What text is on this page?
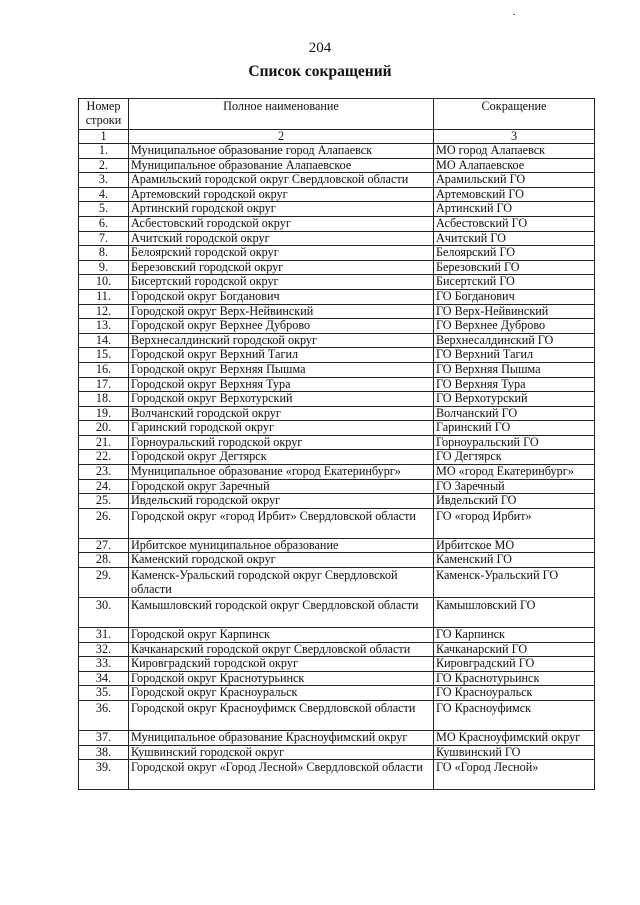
204
Список сокращений
Номер строки	Полное наименование	Сокращение
1	2	3
1.	Муниципальное образование город Алапаевск	МО город Алапаевск
2.	Муниципальное образование Алапаевское	МО Алапаевское
3.	Арамильский городской округ Свердловской области	Арамильский ГО
4.	Артемовский городской округ	Артемовский ГО
5.	Артинский городской округ	Артинский ГО
6.	Асбестовский городской округ	Асбестовский ГО
7.	Ачитский городской округ	Ачитский ГО
8.	Белоярский городской округ	Белоярский ГО
9.	Березовский городской округ	Березовский ГО
10.	Бисертский городской округ	Бисертский ГО
11.	Городской округ Богданович	ГО Богданович
12.	Городской округ Верх-Нейвинский	ГО Верх-Нейвинский
13.	Городской округ Верхнее Дуброво	ГО Верхнее Дуброво
14.	Верхнесалдинский городской округ	Верхнесалдинский ГО
15.	Городской округ Верхний Тагил	ГО Верхний Тагил
16.	Городской округ Верхняя Пышма	ГО Верхняя Пышма
17.	Городской округ Верхняя Тура	ГО Верхняя Тура
18.	Городской округ Верхотурский	ГО Верхотурский
19.	Волчанский городской округ	Волчанский ГО
20.	Гаринский городской округ	Гаринский ГО
21.	Горноуральский городской округ	Горноуральский ГО
22.	Городской округ Дегтярск	ГО Дегтярск
23.	Муниципальное образование «город Екатеринбург»	МО «город Екатеринбург»
24.	Городской округ Заречный	ГО Заречный
25.	Ивдельский городской округ	Ивдельский ГО
26.	Городской округ «город Ирбит» Свердловской области	ГО «город Ирбит»
27.	Ирбитское муниципальное образование	Ирбитское МО
28.	Каменский городской округ	Каменский ГО
29.	Каменск-Уральский городской округ Свердловской области	Каменск-Уральский ГО
30.	Камышловский городской округ Свердловской области	Камышловский ГО
31.	Городской округ Карпинск	ГО Карпинск
32.	Качканарский городской округ Свердловской области	Качканарский ГО
33.	Кировградский городской округ	Кировградский ГО
34.	Городской округ Краснотурьинск	ГО Краснотурьинск
35.	Городской округ Красноуральск	ГО Красноуральск
36.	Городской округ Красноуфимск Свердловской области	ГО Красноуфимск
37.	Муниципальное образование Красноуфимский округ	МО Красноуфимский округ
38.	Кушвинский городской округ	Кушвинский ГО
39.	Городской округ «Город Лесной» Свердловской области	ГО «Город Лесной»
